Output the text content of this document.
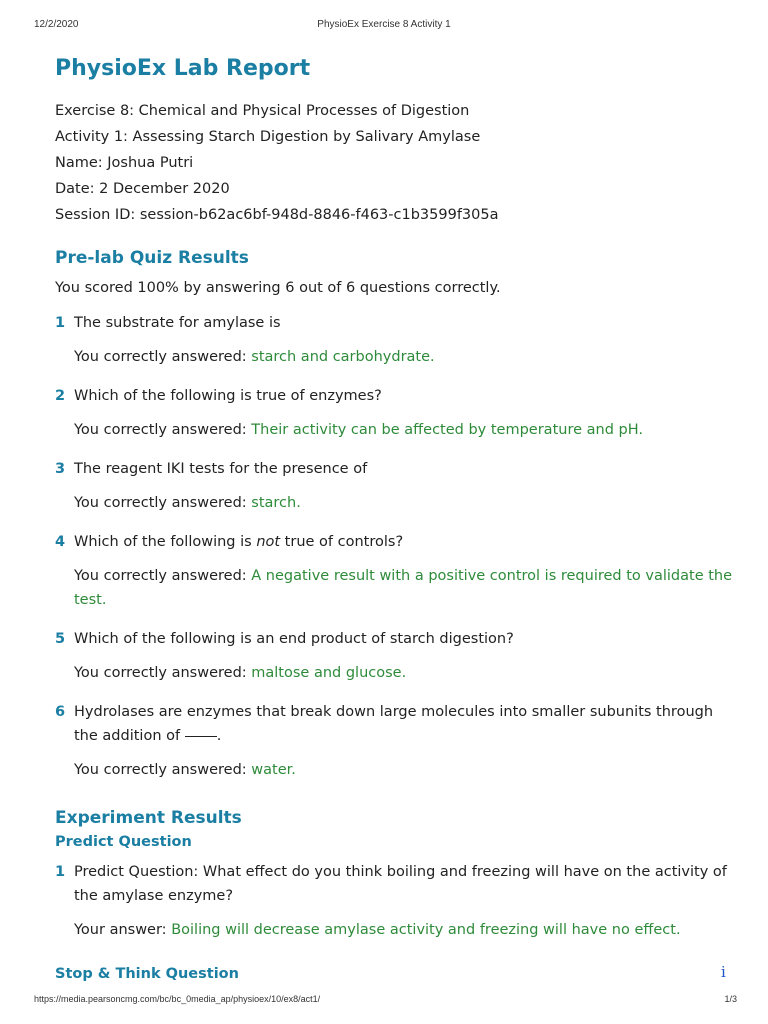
12/2/2020	PhysioEx Exercise 8 Activity 1
PhysioEx Lab Report
Exercise 8: Chemical and Physical Processes of Digestion
Activity 1: Assessing Starch Digestion by Salivary Amylase
Name: Joshua Putri
Date: 2 December 2020
Session ID: session-b62ac6bf-948d-8846-f463-c1b3599f305a
Pre-lab Quiz Results
You scored 100% by answering 6 out of 6 questions correctly.
1 The substrate for amylase is
You correctly answered: starch and carbohydrate.
2 Which of the following is true of enzymes?
You correctly answered: Their activity can be affected by temperature and pH.
3 The reagent IKI tests for the presence of
You correctly answered: starch.
4 Which of the following is not true of controls?
You correctly answered: A negative result with a positive control is required to validate the test.
5 Which of the following is an end product of starch digestion?
You correctly answered: maltose and glucose.
6 Hydrolases are enzymes that break down large molecules into smaller subunits through the addition of	.
You correctly answered: water.
Experiment Results
Predict Question
1 Predict Question: What effect do you think boiling and freezing will have on the activity of the amylase enzyme?
Your answer: Boiling will decrease amylase activity and freezing will have no effect.
Stop & Think Question	i
https://media.pearsoncmg.com/bc/bc_0media_ap/physioex/10/ex8/act1/	1/3
